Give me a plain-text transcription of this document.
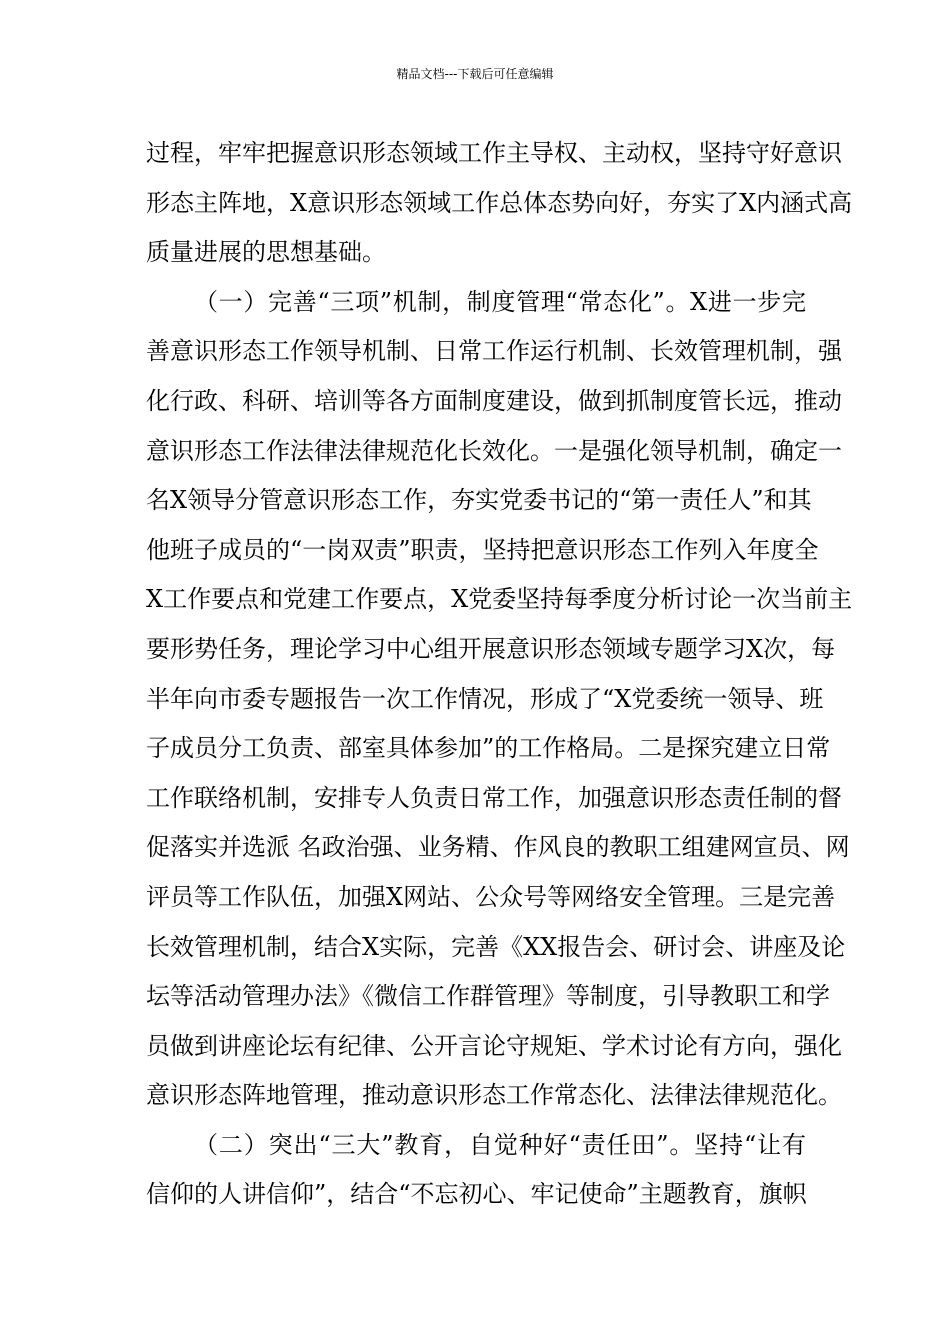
精品文档---下载后可任意编辑
过程，牢牢把握意识形态领域工作主导权、主动权，坚持守好意识
形态主阵地，X意识形态领域工作总体态势向好，夯实了X内涵式高
质量进展的思想基础。
（一）完善“三项”机制，制度管理“常态化”。X进一步完
善意识形态工作领导机制、日常工作运行机制、长效管理机制，强
化行政、科研、培训等各方面制度建设，做到抓制度管长远，推动
意识形态工作法律法律规范化长效化。一是强化领导机制，确定一
名X领导分管意识形态工作，夯实党委书记的“第一责任人”和其
他班子成员的“一岗双责”职责，坚持把意识形态工作列入年度全
X工作要点和党建工作要点，X党委坚持每季度分析讨论一次当前主
要形势任务，理论学习中心组开展意识形态领域专题学习X次，每
半年向市委专题报告一次工作情况，形成了“X党委统一领导、班
子成员分工负责、部室具体参加”的工作格局。二是探究建立日常
工作联络机制，安排专人负责日常工作，加强意识形态责任制的督
促落实并选派 名政治强、业务精、作风良的教职工组建网宣员、网
评员等工作队伍，加强X网站、公众号等网络安全管理。三是完善
长效管理机制，结合X实际，完善《XX报告会、研讨会、讲座及论
坛等活动管理办法》《微信工作群管理》等制度，引导教职工和学
员做到讲座论坛有纪律、公开言论守规矩、学术讨论有方向，强化
意识形态阵地管理，推动意识形态工作常态化、法律法律规范化。
（二）突出“三大”教育，自觉种好“责任田”。坚持“让有
信仰的人讲信仰”，结合“不忘初心、牢记使命”主题教育，旗帜
